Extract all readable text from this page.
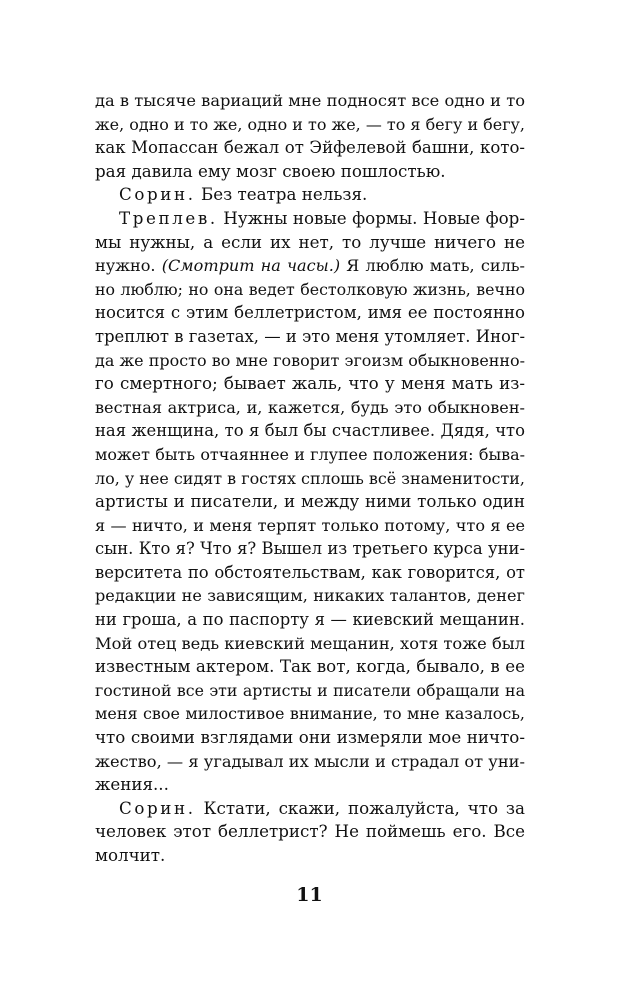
да в тысяче вариаций мне подносят все одно и то
же, одно и то же, одно и то же, — то я бегу и бегу,
как Мопассан бежал от Эйфелевой башни, кото-
рая давила ему мозг своею пошлостью.
Сорин. Без театра нельзя.
Треплев. Нужны новые формы. Новые фор-
мы нужны, а если их нет, то лучше ничего не
нужно. (Смотрит на часы.) Я люблю мать, силь-
но люблю; но она ведет бестолковую жизнь, вечно
носится с этим беллетристом, имя ее постоянно
треплют в газетах, — и это меня утомляет. Иног-
да же просто во мне говорит эгоизм обыкновенно-
го смертного; бывает жаль, что у меня мать из-
вестная актриса, и, кажется, будь это обыкновен-
ная женщина, то я был бы счастливее. Дядя, что
может быть отчаяннее и глупее положения: быва-
ло, у нее сидят в гостях сплошь всё знаменитости,
артисты и писатели, и между ними только один
я — ничто, и меня терпят только потому, что я ее
сын. Кто я? Что я? Вышел из третьего курса уни-
верситета по обстоятельствам, как говорится, от
редакции не зависящим, никаких талантов, денег
ни гроша, а по паспорту я — киевский мещанин.
Мой отец ведь киевский мещанин, хотя тоже был
известным актером. Так вот, когда, бывало, в ее
гостиной все эти артисты и писатели обращали на
меня свое милостивое внимание, то мне казалось,
что своими взглядами они измеряли мое ничто-
жество, — я угадывал их мысли и страдал от уни-
жения...
Сорин. Кстати, скажи, пожалуйста, что за
человек этот беллетрист? Не поймешь его. Все
молчит.
11
